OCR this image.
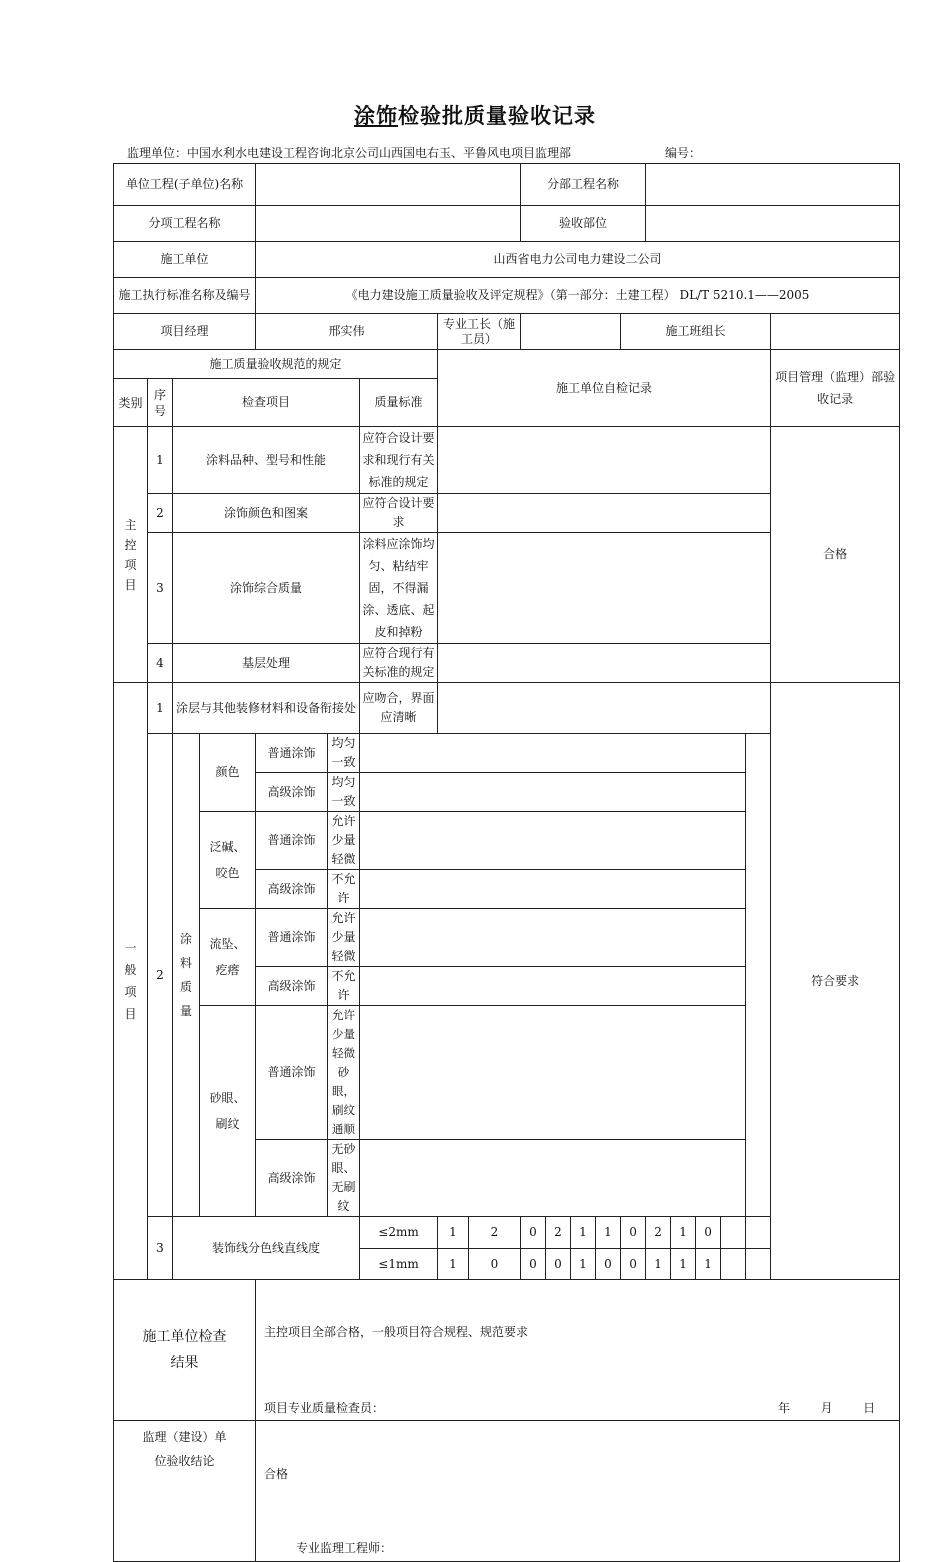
涂饰检验批质量验收记录
监理单位：中国水利水电建设工程咨询北京公司山西国电右玉、平鲁风电项目监理部	编号：
单位工程(子单位)名称									分部工程名称										
分项工程名称									验收部位										
施工单位				山西省电力公司电力建设二公司															
施工执行标准名称及编号				《电力建设施工质量验收及评定规程》（第一部分：土建工程） DL/T 5210.1——2005															
项目经理				邢实伟			专业工长（施工员）						施工班组长						
施工质量验收规范的规定							施工单位自检记录												项目管理（监理）部验收记录
类别	序号	检查项目				质量标准													
主控项目	1	涂料品种、型号和性能				应符合设计要求和现行有关标准的规定													合格
	2	涂饰颜色和图案				应符合设计要求													
	3	涂饰综合质量				涂料应涂饰均匀、粘结牢固，不得漏涂、透底、起皮和掉粉													
	4	基层处理				应符合现行有关标准的规定													
一般项目	1	涂层与其他装修材料和设备衔接处				应吻合，界面应清晰													符合要求
	2	涂料质量	颜色	普通涂饰	均匀一致														
				高级涂饰	均匀一致														
			泛碱、咬色	普通涂饰	允许少量轻微														
				高级涂饰	不允许														
			流坠、疙瘩	普通涂饰	允许少量轻微														
				高级涂饰	不允许														
			砂眼、刷纹	普通涂饰	允许少量轻微砂眼，刷纹通顺														
				高级涂饰	无砂眼、无刷纹														
	3	装饰线分色线直线度				≤2mm	1	2	0	2	1	1	0	2	1	0			
						≤1mm	1	0	0	0	1	0	0	1	1	1			
施工单位检查结果				主控项目全部合格，一般项目符合规程、规范要求
项目专业质量检查员： 年        月        日															

监理（建设）单位验收结论				合格
专业监理工程师：															
